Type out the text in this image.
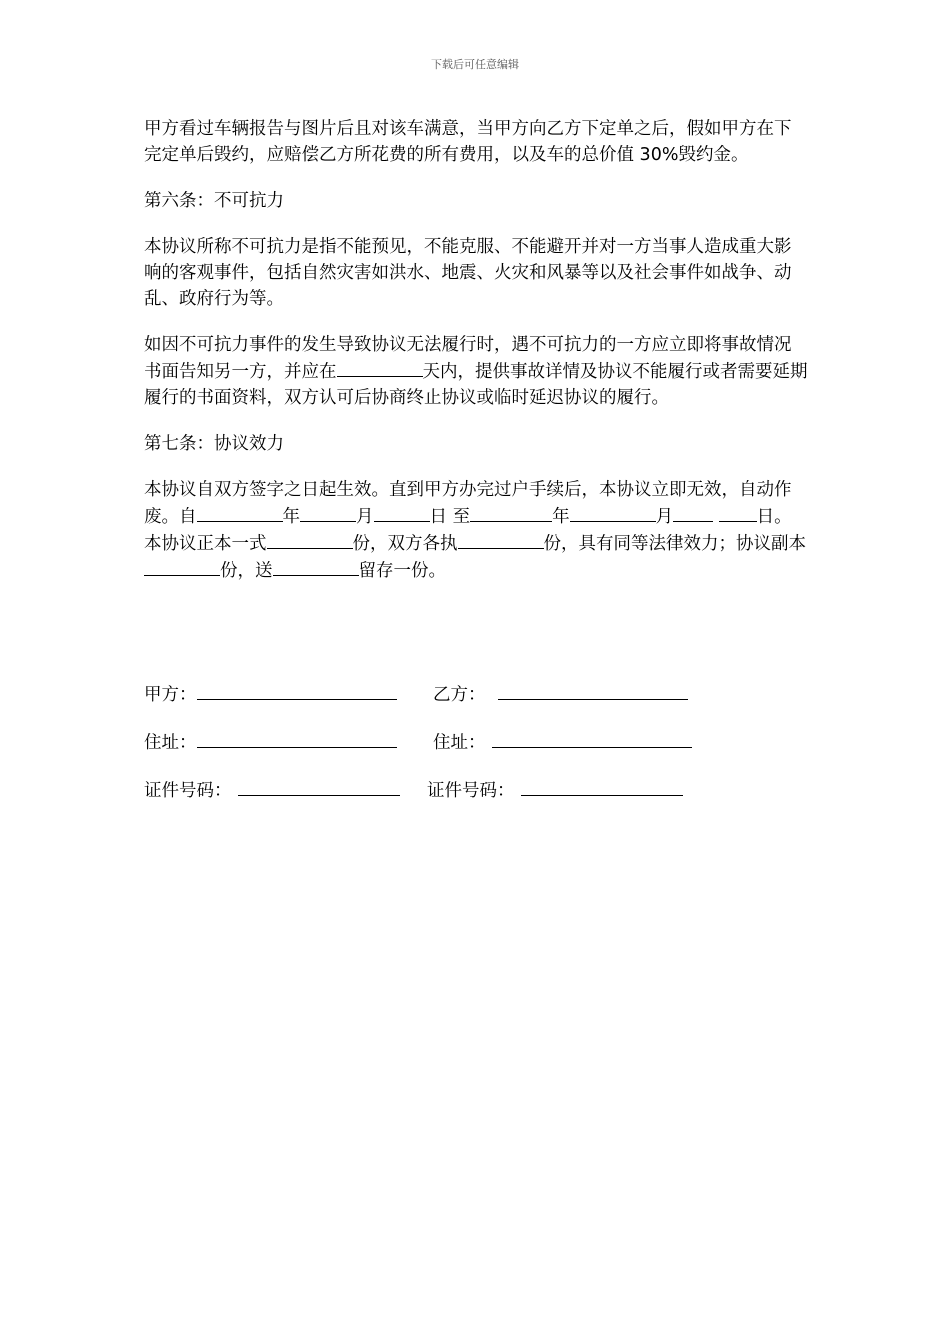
下载后可任意编辑

甲方看过车辆报告与图片后且对该车满意，当甲方向乙方下定单之后，假如甲方在下完定单后毁约，应赔偿乙方所花费的所有费用，以及车的总价值 30%毁约金。

第六条：不可抗力

本协议所称不可抗力是指不能预见，不能克服、不能避开并对一方当事人造成重大影响的客观事件，包括自然灾害如洪水、地震、火灾和风暴等以及社会事件如战争、动乱、政府行为等。

如因不可抗力事件的发生导致协议无法履行时，遇不可抗力的一方应立即将事故情况书面告知另一方，并应在	天内，提供事故详情及协议不能履行或者需要延期履行的书面资料，双方认可后协商终止协议或临时延迟协议的履行。

第七条：协议效力

本协议自双方签字之日起生效。直到甲方办完过户手续后，本协议立即无效，自动作废。自	年	月	日 至	年	月	日。本协议正本一式	份，双方各执	份，具有同等法律效力；协议副本份，送	留存一份。

甲方：	乙方：
住址：	住址：
证件号码：	证件号码：
